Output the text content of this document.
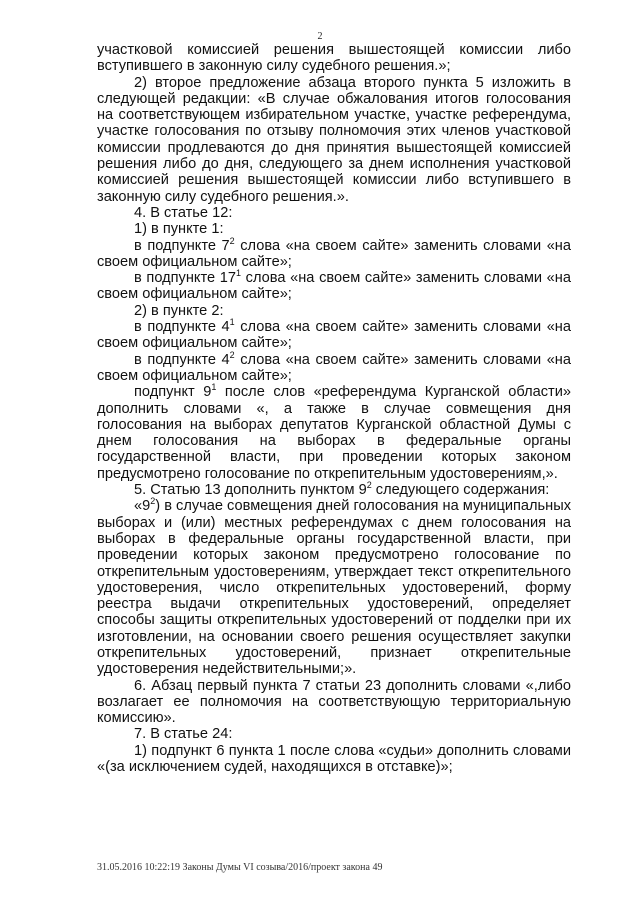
2

участковой комиссией решения вышестоящей комиссии либо вступившего в законную силу судебного решения.»;

2) второе предложение абзаца второго пункта 5 изложить в следующей редакции: «В случае обжалования итогов голосования на соответствующем избирательном участке, участке референдума, участке голосования по отзыву полномочия этих членов участковой комиссии продлеваются до дня принятия вышестоящей комиссией решения либо до дня, следующего за днем исполнения участковой комиссией решения вышестоящей комиссии либо вступившего в законную силу судебного решения.».

4. В статье 12:

1) в пункте 1:

в подпункте $7^2$ слова «на своем сайте» заменить словами «на своем официальном сайте»;

в подпункте $17^1$ слова «на своем сайте» заменить словами «на своем официальном сайте»;

2) в пункте 2:

в подпункте $4^1$ слова «на своем сайте» заменить словами «на своем официальном сайте»;

в подпункте $4^2$ слова «на своем сайте» заменить словами «на своем официальном сайте»;

подпункт $9^1$ после слов «референдума Курганской области» дополнить словами «, а также в случае совмещения дня голосования на выборах депутатов Курганской областной Думы с днем голосования на выборах в федеральные органы государственной власти, при проведении которых законом предусмотрено голосование по открепительным удостоверениям,».

5. Статью 13 дополнить пунктом $9^2$ следующего содержания:

«$9^2$) в случае совмещения дней голосования на муниципальных выборах и (или) местных референдумах с днем голосования на выборах в федеральные органы государственной власти, при проведении которых законом предусмотрено голосование по открепительным удостоверениям, утверждает текст открепительного удостоверения, число открепительных удостоверений, форму реестра выдачи открепительных удостоверений, определяет способы защиты открепительных удостоверений от подделки при их изготовлении, на основании своего решения осуществляет закупки открепительных удостоверений, признает открепительные удостоверения недействительными;».

6. Абзац первый пункта 7 статьи 23 дополнить словами «,либо возлагает ее полномочия на соответствующую территориальную комиссию».

7. В статье 24:

1) подпункт 6 пункта 1 после слова «судьи» дополнить словами «(за исключением судей, находящихся в отставке)»;

31.05.2016 10:22:19 Законы Думы VI созыва/2016/проект закона 49
